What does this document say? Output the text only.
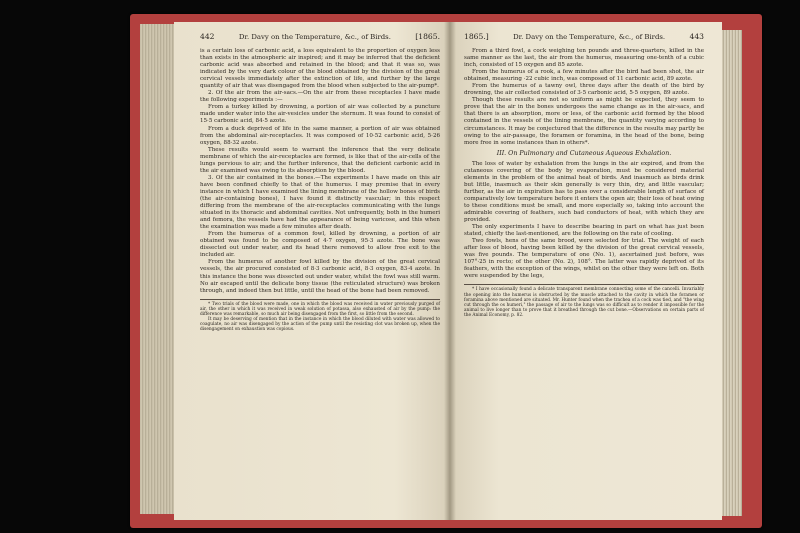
442	Dr. Davy on the Temperature, &c., of Birds.	[1865.

is a certain loss of carbonic acid, a loss equivalent to the proportion of oxygen less than exists in the atmospheric air inspired; and it may be inferred that the deficient carbonic acid was absorbed and retained in the blood; and that it was so, was indicated by the very dark colour of the blood obtained by the division of the great cervical vessels immediately after the extinction of life, and further by the large quantity of air that was disengaged from the blood when subjected to the air-pump*.

2. Of the air from the air-sacs.—On the air from these receptacles I have made the following experiments :—

From a turkey killed by drowning, a portion of air was collected by a puncture made under water into the air-vesicles under the sternum. It was found to consist of 15·5 carbonic acid, 84·5 azote.

From a duck deprived of life in the same manner, a portion of air was obtained from the abdominal air-receptacles. It was composed of 10·52 carbonic acid, 5·26 oxygen, 88·32 azote.

These results would seem to warrant the inference that the very delicate membrane of which the air-receptacles are formed, is like that of the air-cells of the lungs pervious to air; and the further inference, that the deficient carbonic acid in the air examined was owing to its absorption by the blood.

3. Of the air contained in the bones.—The experiments I have made on this air have been confined chiefly to that of the humerus. I may premise that in every instance in which I have examined the lining membrane of the hollow bones of birds (the air-containing bones), I have found it distinctly vascular; in this respect differing from the membrane of the air-receptacles communicating with the lungs situated in its thoracic and abdominal cavities. Not unfrequently, both in the humeri and femora, the vessels have had the appearance of being varicose, and this when the examination was made a few minutes after death.

From the humerus of a common fowl, killed by drowning, a portion of air obtained was found to be composed of 4·7 oxygen, 95·3 azote. The bone was dissected out under water, and its head there removed to allow free exit to the included air.

From the humerus of another fowl killed by the division of the great cervical vessels, the air procured consisted of 8·3 carbonic acid, 8·3 oxygen, 83·4 azote. In this instance the bone was dissected out under water, whilst the fowl was still warm. No air escaped until the delicate bony tissue (the reticulated structure) was broken through, and indeed then but little, until the head of the bone had been removed.

* Two trials of the blood were made, one in which the blood was received in water previously purged of air, the other in which it was received in weak solution of potassa, also exhausted of air by the pump: the difference was remarkable, so much air being disengaged from the first, so little from the second.

It may be deserving of mention that in the instance in which the blood diluted with water was allowed to coagulate, no air was disengaged by the action of the pump until the resisting clot was broken up, when the disengagement on exhaustion was copious.

1865.]	Dr. Davy on the Temperature, &c., of Birds.	443

From a third fowl, a cock weighing ten pounds and three-quarters, killed in the same manner as the last, the air from the humerus, measuring one-tenth of a cubic inch, consisted of 15 oxygen and 85 azote.

From the humerus of a rook, a few minutes after the bird had been shot, the air obtained, measuring ·22 cubic inch, was composed of 11 carbonic acid, 89 azote.

From the humerus of a tawny owl, three days after the death of the bird by drowning, the air collected consisted of 3·5 carbonic acid, 5·5 oxygen, 89 azote.

Though these results are not so uniform as might be expected, they seem to prove that the air in the bones undergoes the same change as in the air-sacs, and that there is an absorption, more or less, of the carbonic acid formed by the blood contained in the vessels of the lining membrane, the quantity varying according to circumstances. It may be conjectured that the difference in the results may partly be owing to the air-passage, the foramen or foramina, in the head of the bone, being more free in some instances than in others*.

III. On Pulmonary and Cutaneous Aqueous Exhalation.

The loss of water by exhalation from the lungs in the air expired, and from the cutaneous covering of the body by evaporation, must be considered material elements in the problem of the animal heat of birds. And inasmuch as birds drink but little, inasmuch as their skin generally is very thin, dry, and little vascular; further, as the air in expiration has to pass over a considerable length of surface of comparatively low temperature before it enters the open air, their loss of heat owing to these conditions must be small, and more especially so, taking into account the admirable covering of feathers, such bad conductors of heat, with which they are provided.

The only experiments I have to describe bearing in part on what has just been stated, chiefly the last-mentioned, are the following on the rate of cooling.

Two fowls, hens of the same brood, were selected for trial. The weight of each after loss of blood, having been killed by the division of the great cervical vessels, was five pounds. The temperature of one (No. 1), ascertained just before, was 107°·25 in recto; of the other (No. 2), 108°. The latter was rapidly deprived of its feathers, with the exception of the wings, whilst on the other they were left on. Both were suspended by the legs,

* I have occasionally found a delicate transparent membrane connecting some of the cancelli. Invariably the opening into the humerus is obstructed by the muscle attached to the cavity in which the foramen or foramina above mentioned are situated. Mr. Hunter found when the trachea of a cock was tied, and "the wing cut through the os humeri," the passage of air to the lungs was so difficult as to render it impossible for the animal to live longer than to prove that it breathed through the cut bone.—Observations on certain parts of the Animal Economy, p. 82.
